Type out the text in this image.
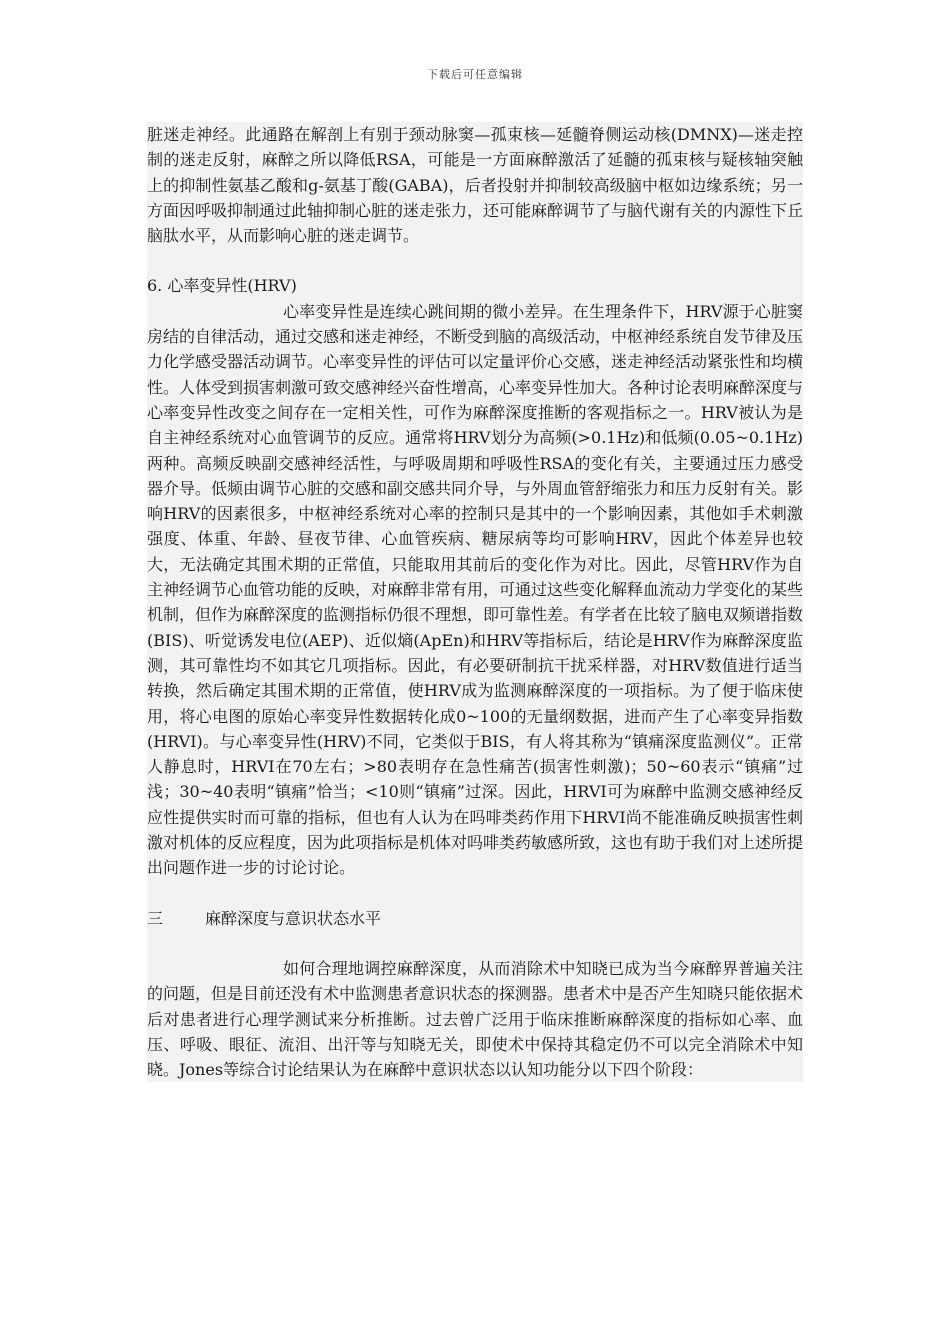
下载后可任意编辑

脏迷走神经。此通路在解剖上有别于颈动脉窦—孤束核—延髓脊侧运动核(DMNX)—迷走控制的迷走反射，麻醉之所以降低RSA，可能是一方面麻醉激活了延髓的孤束核与疑核轴突触上的抑制性氨基乙酸和g-氨基丁酸(GABA)，后者投射并抑制较高级脑中枢如边缘系统；另一方面因呼吸抑制通过此轴抑制心脏的迷走张力，还可能麻醉调节了与脑代谢有关的内源性下丘脑肽水平，从而影响心脏的迷走调节。

6. 心率变异性(HRV)

心率变异性是连续心跳间期的微小差异。在生理条件下，HRV源于心脏窦房结的自律活动，通过交感和迷走神经，不断受到脑的高级活动，中枢神经系统自发节律及压力化学感受器活动调节。心率变异性的评估可以定量评价心交感，迷走神经活动紧张性和均横性。人体受到损害刺激可致交感神经兴奋性增高，心率变异性加大。各种讨论表明麻醉深度与心率变异性改变之间存在一定相关性，可作为麻醉深度推断的客观指标之一。HRV被认为是自主神经系统对心血管调节的反应。通常将HRV划分为高频(>0.1Hz)和低频(0.05~0.1Hz)两种。高频反映副交感神经活性，与呼吸周期和呼吸性RSA的变化有关，主要通过压力感受器介导。低频由调节心脏的交感和副交感共同介导，与外周血管舒缩张力和压力反射有关。影响HRV的因素很多，中枢神经系统对心率的控制只是其中的一个影响因素，其他如手术刺激强度、体重、年龄、昼夜节律、心血管疾病、糖尿病等均可影响HRV，因此个体差异也较大，无法确定其围术期的正常值，只能取用其前后的变化作为对比。因此，尽管HRV作为自主神经调节心血管功能的反映，对麻醉非常有用，可通过这些变化解释血流动力学变化的某些机制，但作为麻醉深度的监测指标仍很不理想，即可靠性差。有学者在比较了脑电双频谱指数(BIS)、听觉诱发电位(AEP)、近似熵(ApEn)和HRV等指标后，结论是HRV作为麻醉深度监测，其可靠性均不如其它几项指标。因此，有必要研制抗干扰采样器，对HRV数值进行适当转换，然后确定其围术期的正常值，使HRV成为监测麻醉深度的一项指标。为了便于临床使用，将心电图的原始心率变异性数据转化成0~100的无量纲数据，进而产生了心率变异指数(HRVI)。与心率变异性(HRV)不同，它类似于BIS，有人将其称为“镇痛深度监测仪”。正常人静息时，HRVI在70左右；>80表明存在急性痛苦(损害性刺激)；50~60表示“镇痛”过浅；30~40表明“镇痛”恰当；<10则“镇痛”过深。因此，HRVI可为麻醉中监测交感神经反应性提供实时而可靠的指标，但也有人认为在吗啡类药作用下HRVI尚不能准确反映损害性刺激对机体的反应程度，因为此项指标是机体对吗啡类药敏感所致，这也有助于我们对上述所提出问题作进一步的讨论讨论。

三	麻醉深度与意识状态水平

如何合理地调控麻醉深度，从而消除术中知晓已成为当今麻醉界普遍关注的问题，但是目前还没有术中监测患者意识状态的探测器。患者术中是否产生知晓只能依据术后对患者进行心理学测试来分析推断。过去曾广泛用于临床推断麻醉深度的指标如心率、血压、呼吸、眼征、流泪、出汗等与知晓无关，即使术中保持其稳定仍不可以完全消除术中知晓。Jones等综合讨论结果认为在麻醉中意识状态以认知功能分以下四个阶段：
